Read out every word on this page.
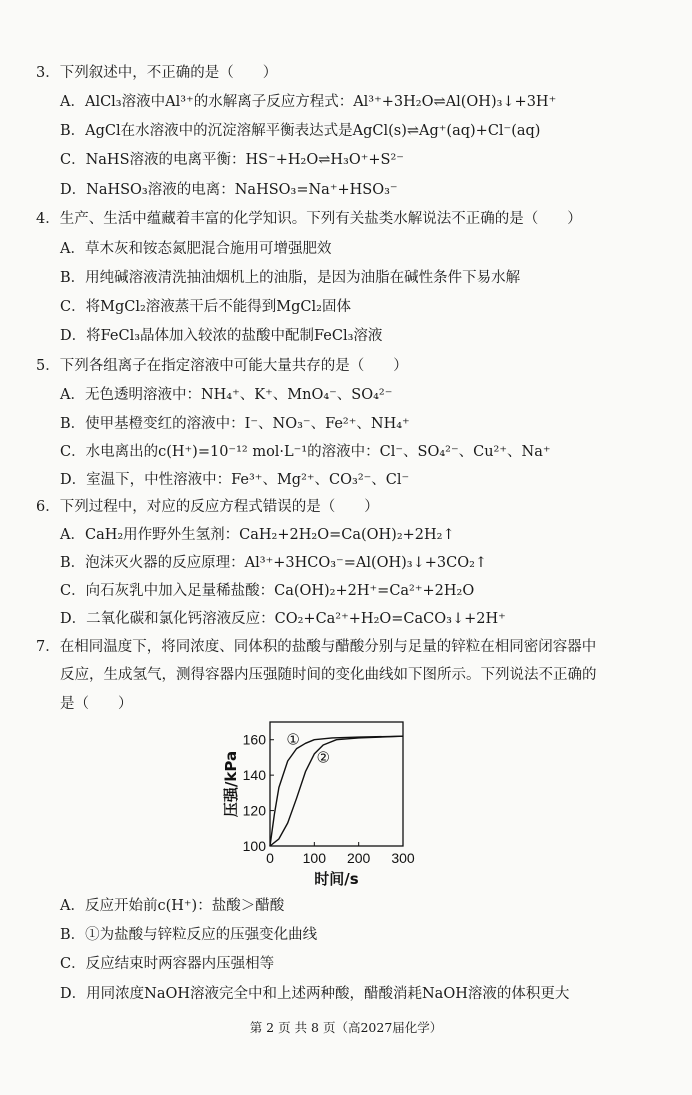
3．下列叙述中，不正确的是（　　）
A．AlCl₃溶液中Al³⁺的水解离子反应方程式：Al³⁺+3H₂O⇌Al(OH)₃↓+3H⁺
B．AgCl在水溶液中的沉淀溶解平衡表达式是AgCl(s)⇌Ag⁺(aq)+Cl⁻(aq)
C．NaHS溶液的电离平衡：HS⁻+H₂O⇌H₃O⁺+S²⁻
D．NaHSO₃溶液的电离：NaHSO₃=Na⁺+HSO₃⁻
4．生产、生活中蕴藏着丰富的化学知识。下列有关盐类水解说法不正确的是（　　）
A．草木灰和铵态氮肥混合施用可增强肥效
B．用纯碱溶液清洗抽油烟机上的油脂，是因为油脂在碱性条件下易水解
C．将MgCl₂溶液蒸干后不能得到MgCl₂固体
D．将FeCl₃晶体加入较浓的盐酸中配制FeCl₃溶液
5．下列各组离子在指定溶液中可能大量共存的是（　　）
A．无色透明溶液中：NH₄⁺、K⁺、MnO₄⁻、SO₄²⁻
B．使甲基橙变红的溶液中：I⁻、NO₃⁻、Fe²⁺、NH₄⁺
C．水电离出的c(H⁺)=10⁻¹² mol·L⁻¹的溶液中：Cl⁻、SO₄²⁻、Cu²⁺、Na⁺
D．室温下，中性溶液中：Fe³⁺、Mg²⁺、CO₃²⁻、Cl⁻
6．下列过程中，对应的反应方程式错误的是（　　）
A．CaH₂用作野外生氢剂：CaH₂+2H₂O=Ca(OH)₂+2H₂↑
B．泡沫灭火器的反应原理：Al³⁺+3HCO₃⁻=Al(OH)₃↓+3CO₂↑
C．向石灰乳中加入足量稀盐酸：Ca(OH)₂+2H⁺=Ca²⁺+2H₂O
D．二氧化碳和氯化钙溶液反应：CO₂+Ca²⁺+H₂O=CaCO₃↓+2H⁺
7．在相同温度下，将同浓度、同体积的盐酸与醋酸分别与足量的锌粒在相同密闭容器中
反应，生成氢气，测得容器内压强随时间的变化曲线如下图所示。下列说法不正确的
是（　　）
100
120
140
160
0 100 200 300
时间/s
压强/kPa
①
②
A．反应开始前c(H⁺)：盐酸＞醋酸
B．①为盐酸与锌粒反应的压强变化曲线
C．反应结束时两容器内压强相等
D．用同浓度NaOH溶液完全中和上述两种酸，醋酸消耗NaOH溶液的体积更大
第 2 页 共 8 页（高2027届化学）
